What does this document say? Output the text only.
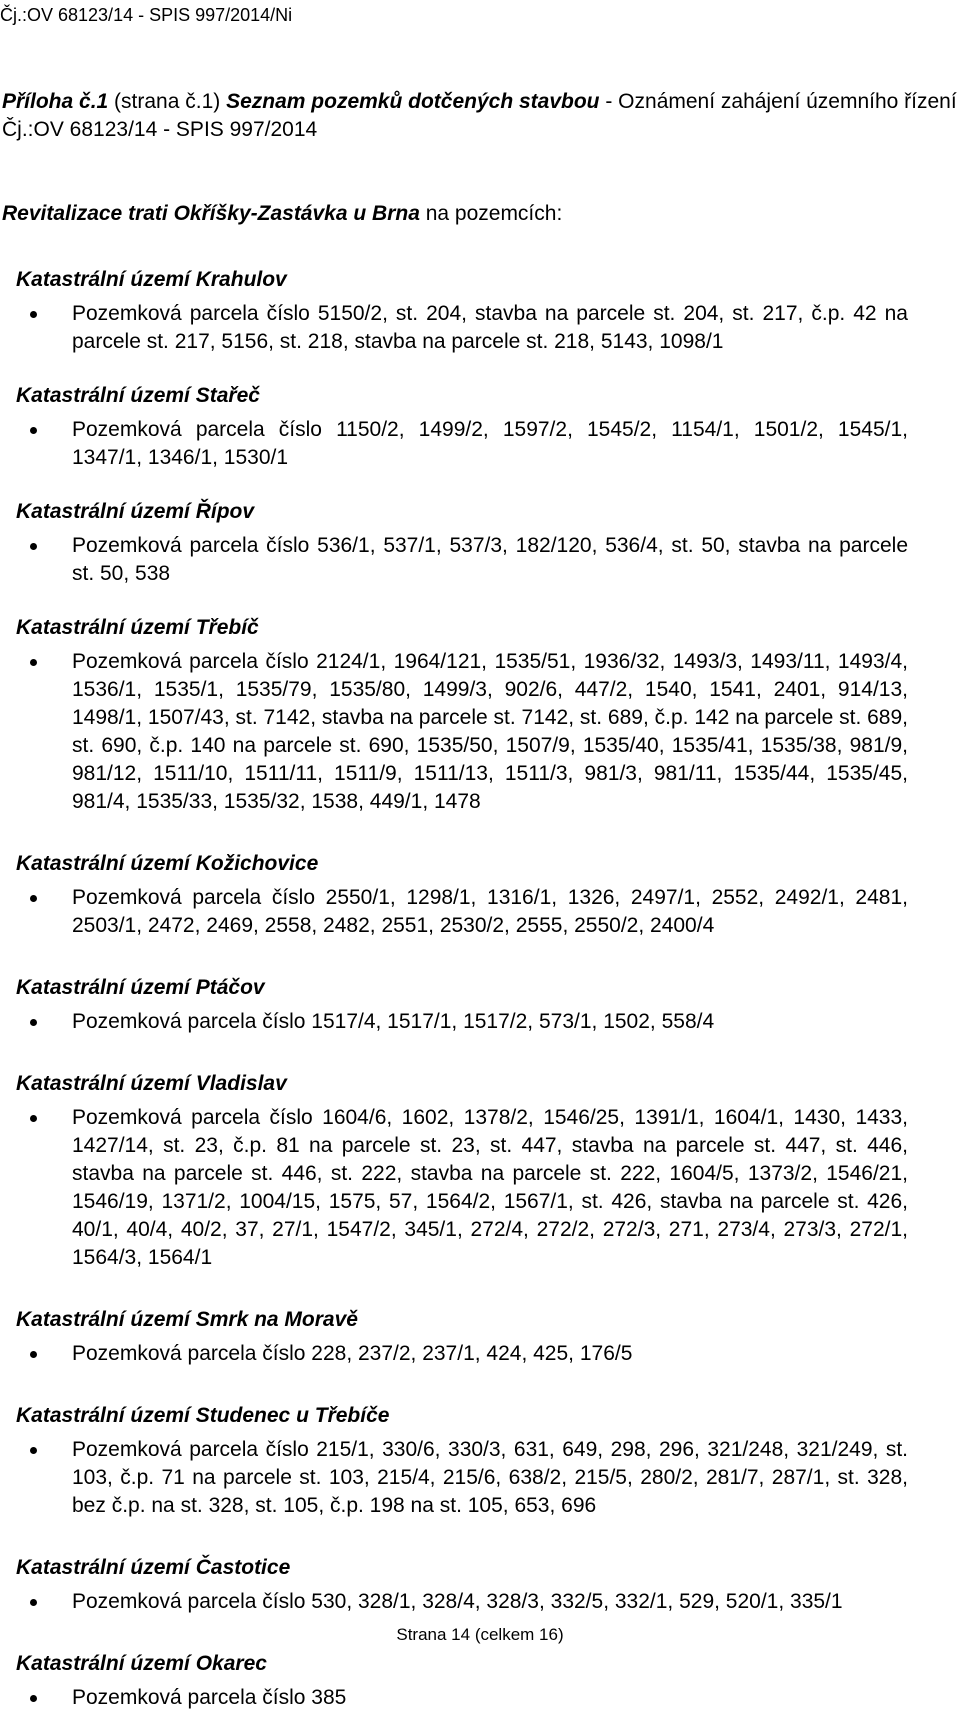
Čj.:OV 68123/14 - SPIS 997/2014/Ni

Příloha č.1 (strana č.1) Seznam pozemků dotčených stavbou - Oznámení zahájení územního řízení Čj.:OV 68123/14 - SPIS 997/2014

Revitalizace trati Okříšky-Zastávka u Brna na pozemcích:

Katastrální území Krahulov

Pozemková parcela číslo 5150/2, st. 204, stavba na parcele st. 204, st. 217, č.p. 42 na parcele st. 217, 5156, st. 218, stavba na parcele st. 218, 5143, 1098/1

Katastrální území Stařeč

Pozemková parcela číslo 1150/2, 1499/2, 1597/2, 1545/2, 1154/1, 1501/2, 1545/1, 1347/1, 1346/1, 1530/1

Katastrální území Řípov

Pozemková parcela číslo 536/1, 537/1, 537/3, 182/120, 536/4, st. 50, stavba na parcele st. 50, 538

Katastrální území Třebíč

Pozemková parcela číslo 2124/1, 1964/121, 1535/51, 1936/32, 1493/3, 1493/11, 1493/4, 1536/1, 1535/1, 1535/79, 1535/80, 1499/3, 902/6, 447/2, 1540, 1541, 2401, 914/13, 1498/1, 1507/43, st. 7142, stavba na parcele st. 7142, st. 689, č.p. 142 na parcele st. 689, st. 690, č.p. 140 na parcele st. 690, 1535/50, 1507/9, 1535/40, 1535/41, 1535/38, 981/9, 981/12, 1511/10, 1511/11, 1511/9, 1511/13, 1511/3, 981/3, 981/11, 1535/44, 1535/45, 981/4, 1535/33, 1535/32, 1538, 449/1, 1478

Katastrální území Kožichovice

Pozemková parcela číslo 2550/1, 1298/1, 1316/1, 1326, 2497/1, 2552, 2492/1, 2481, 2503/1, 2472, 2469, 2558, 2482, 2551, 2530/2, 2555, 2550/2, 2400/4

Katastrální území Ptáčov

Pozemková parcela číslo 1517/4, 1517/1, 1517/2, 573/1, 1502, 558/4

Katastrální území Vladislav

Pozemková parcela číslo 1604/6, 1602, 1378/2, 1546/25, 1391/1, 1604/1, 1430, 1433, 1427/14, st. 23, č.p. 81 na parcele st. 23, st. 447, stavba na parcele st. 447, st. 446, stavba na parcele st. 446, st. 222, stavba na parcele st. 222, 1604/5, 1373/2, 1546/21, 1546/19, 1371/2, 1004/15, 1575, 57, 1564/2, 1567/1, st. 426, stavba na parcele st. 426, 40/1, 40/4, 40/2, 37, 27/1, 1547/2, 345/1, 272/4, 272/2, 272/3, 271, 273/4, 273/3, 272/1, 1564/3, 1564/1

Katastrální území Smrk na Moravě

Pozemková parcela číslo 228, 237/2, 237/1, 424, 425, 176/5

Katastrální území Studenec u Třebíče

Pozemková parcela číslo 215/1, 330/6, 330/3, 631, 649, 298, 296, 321/248, 321/249, st. 103, č.p. 71 na parcele st. 103, 215/4, 215/6, 638/2, 215/5, 280/2, 281/7, 287/1, st. 328, bez č.p. na st. 328, st. 105, č.p. 198 na st. 105, 653, 696

Katastrální území Častotice

Pozemková parcela číslo 530, 328/1, 328/4, 328/3, 332/5, 332/1, 529, 520/1, 335/1

Katastrální území Okarec

Pozemková parcela číslo 385
Strana 14 (celkem 16)
